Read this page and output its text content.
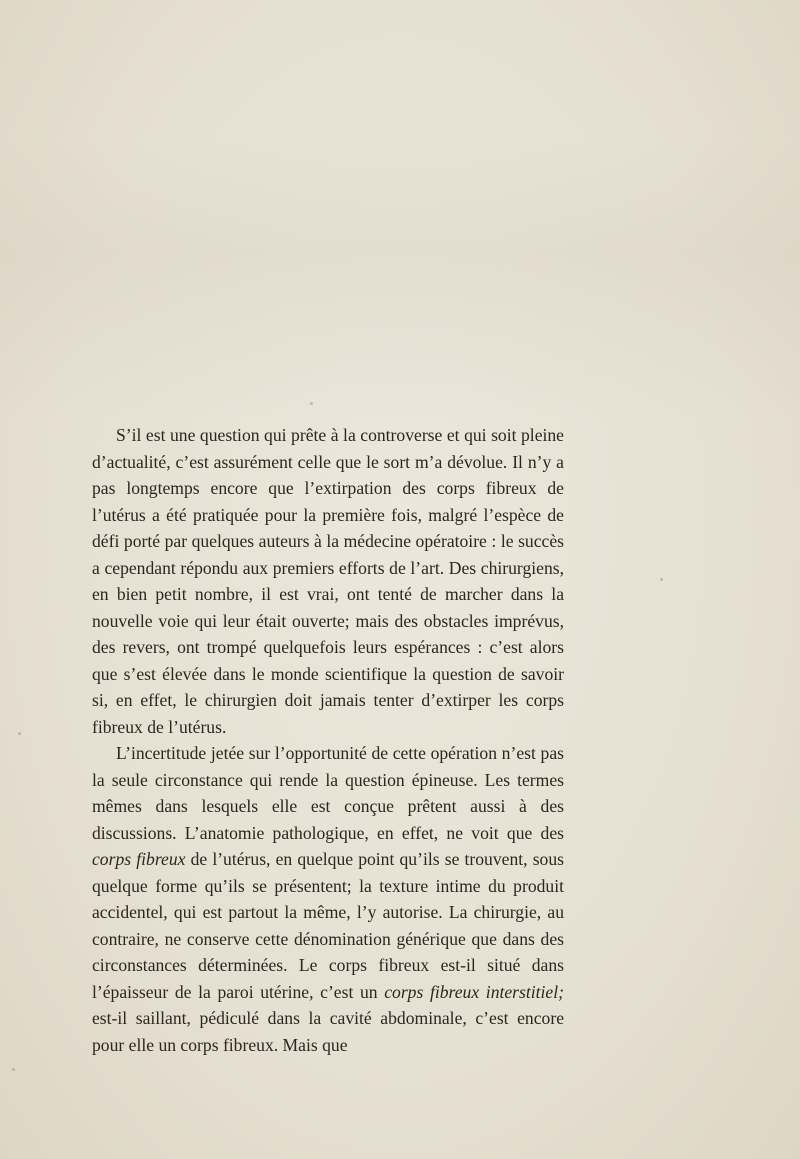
S’il est une question qui prête à la controverse et qui soit pleine d’actualité, c’est assurément celle que le sort m’a dévolue. Il n’y a pas longtemps encore que l’extirpation des corps fibreux de l’utérus a été pratiquée pour la première fois, malgré l’espèce de défi porté par quelques auteurs à la médecine opératoire : le succès a cependant répondu aux premiers efforts de l’art. Des chirurgiens, en bien petit nombre, il est vrai, ont tenté de marcher dans la nouvelle voie qui leur était ouverte; mais des obstacles imprévus, des revers, ont trompé quelquefois leurs espérances : c’est alors que s’est élevée dans le monde scientifique la question de savoir si, en effet, le chirurgien doit jamais tenter d’extirper les corps fibreux de l’utérus.

L’incertitude jetée sur l’opportunité de cette opération n’est pas la seule circonstance qui rende la question épineuse. Les termes mêmes dans lesquels elle est conçue prêtent aussi à des discussions. L’anatomie pathologique, en effet, ne voit que des corps fibreux de l’utérus, en quelque point qu’ils se trouvent, sous quelque forme qu’ils se présentent; la texture intime du produit accidentel, qui est partout la même, l’y autorise. La chirurgie, au contraire, ne conserve cette dénomination générique que dans des circonstances déterminées. Le corps fibreux est-il situé dans l’épaisseur de la paroi utérine, c’est un corps fibreux interstitiel; est-il saillant, pédiculé dans la cavité abdominale, c’est encore pour elle un corps fibreux. Mais que
